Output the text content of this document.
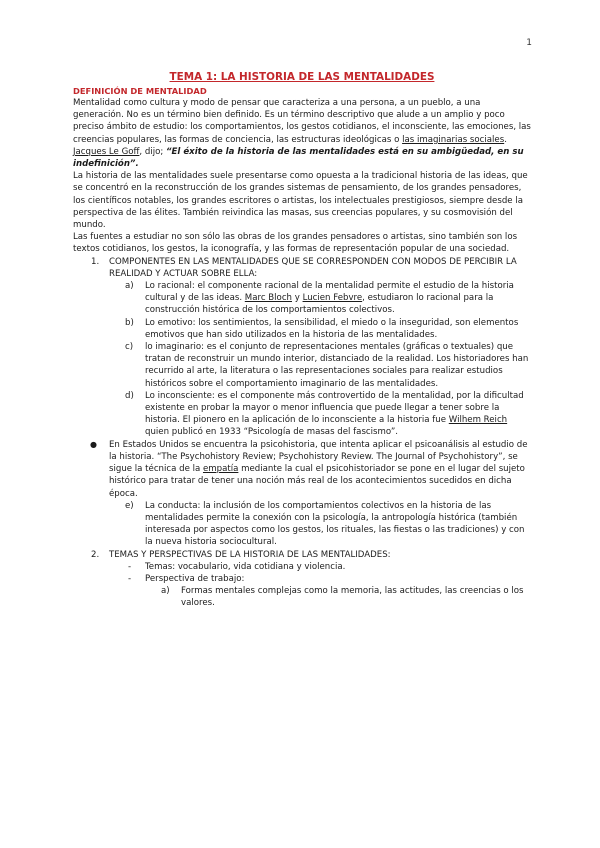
1

TEMA 1: LA HISTORIA DE LAS MENTALIDADES

DEFINICIÓN DE MENTALIDAD

Mentalidad como cultura y modo de pensar que caracteriza a una persona, a un pueblo, a una generación. No es un término bien definido. Es un término descriptivo que alude a un amplio y poco preciso ámbito de estudio: los comportamientos, los gestos cotidianos, el inconsciente, las emociones, las creencias populares, las formas de conciencia, las estructuras ideológicas o las imaginarias sociales.

Jacques Le Goff, dijo; “El éxito de la historia de las mentalidades está en su ambigüedad, en su indefinición”.

La historia de las mentalidades suele presentarse como opuesta a la tradicional historia de las ideas, que se concentró en la reconstrucción de los grandes sistemas de pensamiento, de los grandes pensadores, los científicos notables, los grandes escritores o artistas, los intelectuales prestigiosos, siempre desde la perspectiva de las élites. También reivindica las masas, sus creencias populares, y su cosmovisión del mundo.

Las fuentes a estudiar no son sólo las obras de los grandes pensadores o artistas, sino también son los textos cotidianos, los gestos, la iconografía, y las formas de representación popular de una sociedad.

1. COMPONENTES EN LAS MENTALIDADES QUE SE CORRESPONDEN CON MODOS DE PERCIBIR LA REALIDAD Y ACTUAR SOBRE ELLA:
a) Lo racional: el componente racional de la mentalidad permite el estudio de la historia cultural y de las ideas. Marc Bloch y Lucien Febvre, estudiaron lo racional para la construcción histórica de los comportamientos colectivos.
b) Lo emotivo: los sentimientos, la sensibilidad, el miedo o la inseguridad, son elementos emotivos que han sido utilizados en la historia de las mentalidades.
c) lo imaginario: es el conjunto de representaciones mentales (gráficas o textuales) que tratan de reconstruir un mundo interior, distanciado de la realidad. Los historiadores han recurrido al arte, la literatura o las representaciones sociales para realizar estudios históricos sobre el comportamiento imaginario de las mentalidades.
d) Lo inconsciente: es el componente más controvertido de la mentalidad, por la dificultad existente en probar la mayor o menor influencia que puede llegar a tener sobre la historia. El pionero en la aplicación de lo inconsciente a la historia fue Wilhem Reich quien publicó en 1933 “Psicología de masas del fascismo”.
● En Estados Unidos se encuentra la psicohistoria, que intenta aplicar el psicoanálisis al estudio de la historia. “The Psychohistory Review; Psychohistory Review. The Journal of Psychohistory”, se sigue la técnica de la empatía mediante la cual el psicohistoriador se pone en el lugar del sujeto histórico para tratar de tener una noción más real de los acontecimientos sucedidos en dicha época.
e) La conducta: la inclusión de los comportamientos colectivos en la historia de las mentalidades permite la conexión con la psicología, la antropología histórica (también interesada por aspectos como los gestos, los rituales, las fiestas o las tradiciones) y con la nueva historia sociocultural.
2. TEMAS Y PERSPECTIVAS DE LA HISTORIA DE LAS MENTALIDADES:
- Temas: vocabulario, vida cotidiana y violencia.
- Perspectiva de trabajo:
a) Formas mentales complejas como la memoria, las actitudes, las creencias o los valores.
